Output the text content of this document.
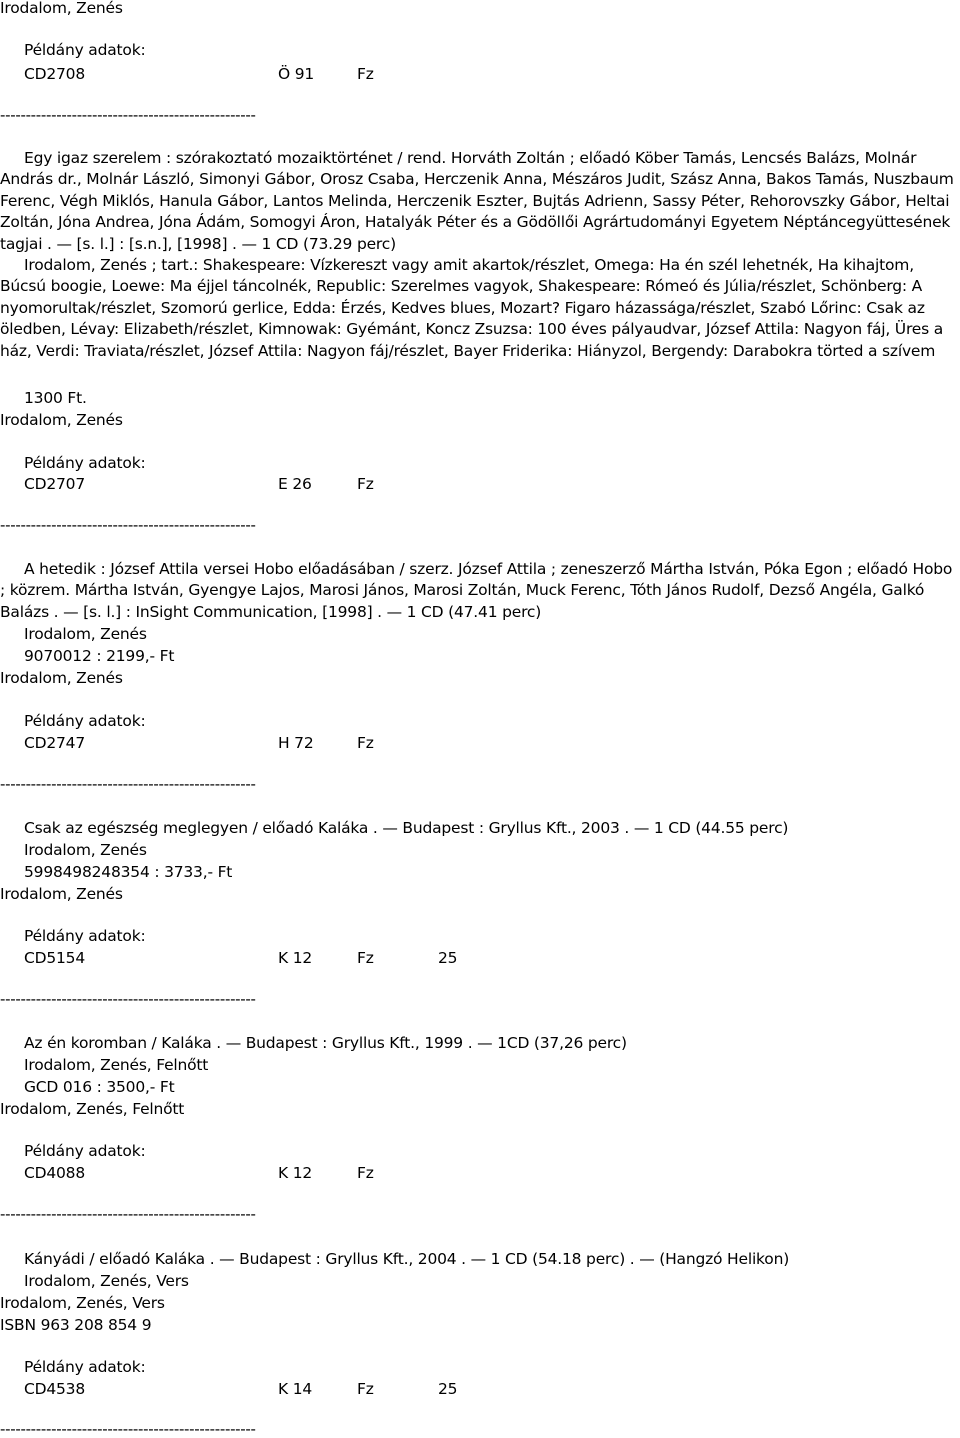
Irodalom, Zenés
Példány adatok:
CD2708	Ö 91	Fz
--------------------------------------------------
Egy igaz szerelem : szórakoztató mozaiktörténet / rend. Horváth Zoltán ; előadó Köber Tamás, Lencsés Balázs, Molnár András dr., Molnár László, Simonyi Gábor, Orosz Csaba, Herczenik Anna, Mészáros Judit, Szász Anna, Bakos Tamás, Nuszbaum Ferenc, Végh Miklós, Hanula Gábor, Lantos Melinda, Herczenik Eszter, Bujtás Adrienn, Sassy Péter, Rehorovszky Gábor, Heltai Zoltán, Jóna Andrea, Jóna Ádám, Somogyi Áron, Hatalyák Péter és a Gödöllői Agrártudományi Egyetem Néptáncegyüttesének tagjai . — [s. l.] : [s.n.], [1998] . — 1 CD (73.29 perc)
Irodalom, Zenés ; tart.: Shakespeare: Vízkereszt vagy amit akartok/részlet, Omega: Ha én szél lehetnék, Ha kihajtom, Búcsú boogie, Loewe: Ma éjjel táncolnék, Republic: Szerelmes vagyok, Shakespeare: Rómeó és Júlia/részlet, Schönberg: A nyomorultak/részlet, Szomorú gerlice, Edda: Érzés, Kedves blues, Mozart? Figaro házassága/részlet, Szabó Lőrinc: Csak az öledben, Lévay: Elizabeth/részlet, Kimnowak: Gyémánt, Koncz Zsuzsa: 100 éves pályaudvar, József Attila: Nagyon fáj, Üres a ház, Verdi: Traviata/részlet, József Attila: Nagyon fáj/részlet, Bayer Friderika: Hiányzol, Bergendy: Darabokra törted a szívem
1300 Ft.
Irodalom, Zenés
Példány adatok:
CD2707	E 26	Fz
--------------------------------------------------
A hetedik : József Attila versei Hobo előadásában / szerz. József Attila ; zeneszerző Mártha István, Póka Egon ; előadó Hobo ; közrem. Mártha István, Gyengye Lajos, Marosi János, Marosi Zoltán, Muck Ferenc, Tóth János Rudolf, Dezső Angéla, Galkó Balázs . — [s. l.] : InSight Communication, [1998] . — 1 CD (47.41 perc)
Irodalom, Zenés
9070012 : 2199,- Ft
Irodalom, Zenés
Példány adatok:
CD2747	H 72	Fz
--------------------------------------------------
Csak az egészség meglegyen / előadó Kaláka . — Budapest : Gryllus Kft., 2003 . — 1 CD (44.55 perc)
Irodalom, Zenés
5998498248354 : 3733,- Ft
Irodalom, Zenés
Példány adatok:
CD5154	K 12	Fz	25
--------------------------------------------------
Az én koromban / Kaláka . — Budapest : Gryllus Kft., 1999 . — 1CD (37,26 perc)
Irodalom, Zenés, Felnőtt
GCD 016 : 3500,- Ft
Irodalom, Zenés, Felnőtt
Példány adatok:
CD4088	K 12	Fz
--------------------------------------------------
Kányádi / előadó Kaláka . — Budapest : Gryllus Kft., 2004 . — 1 CD (54.18 perc) . — (Hangzó Helikon)
Irodalom, Zenés, Vers
Irodalom, Zenés, Vers
ISBN 963 208 854 9
Példány adatok:
CD4538	K 14	Fz	25
--------------------------------------------------
